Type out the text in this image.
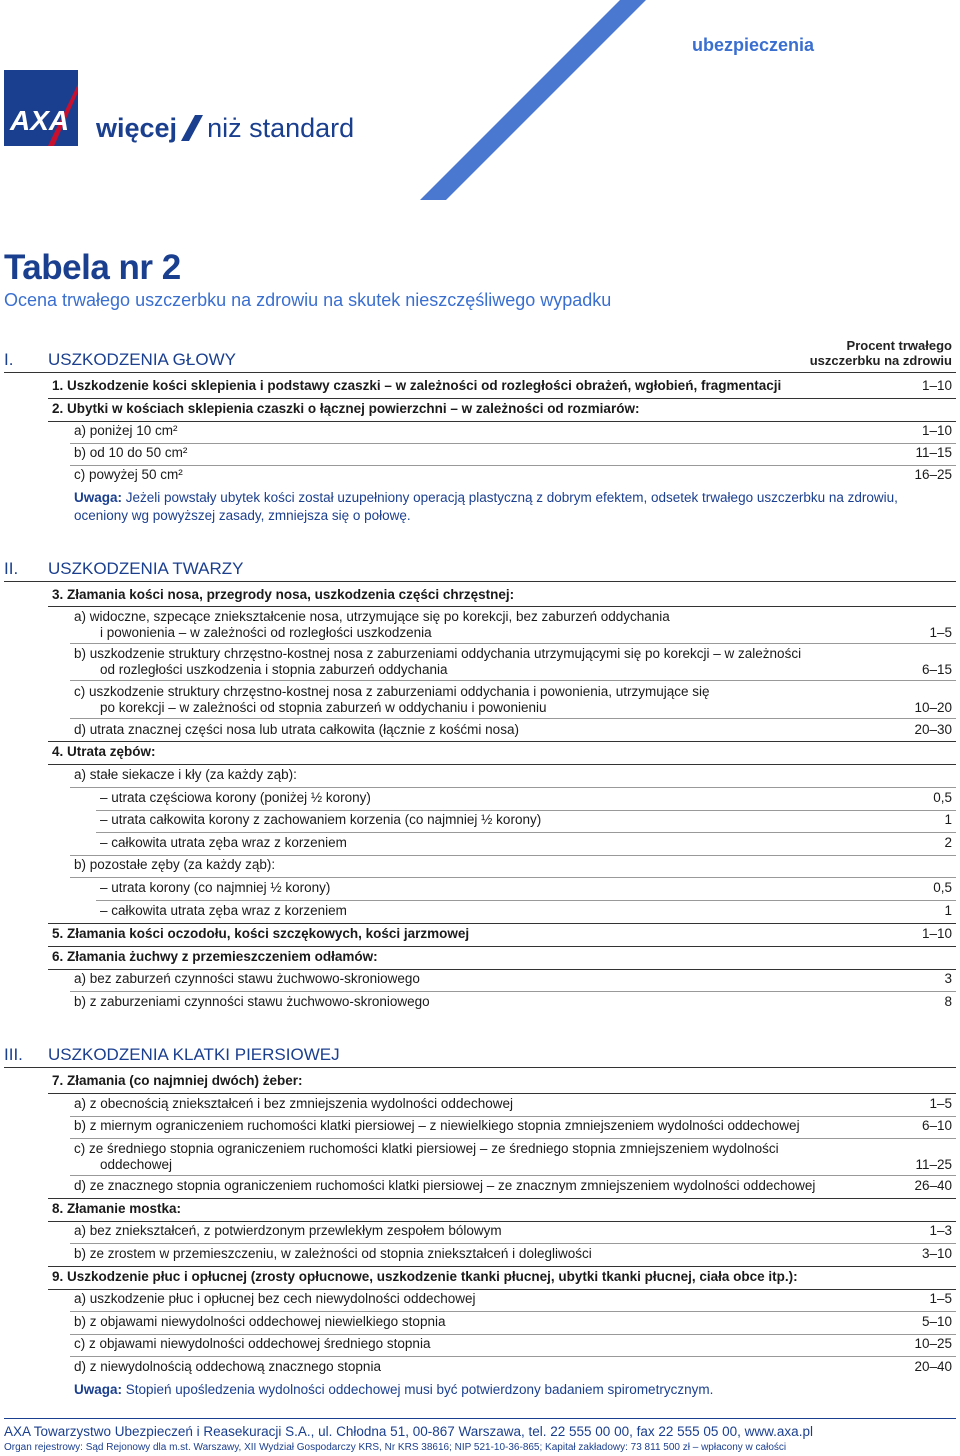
ubezpieczenia
AXA więcej niż standard
Tabela nr 2
Ocena trwałego uszczerbku na zdrowiu na skutek nieszczęśliwego wypadku
I. USZKODZENIA GŁOWY
Procent trwałego
uszczerbku na zdrowiu
1. Uszkodzenie kości sklepienia i podstawy czaszki – w zależności od rozległości obrażeń, wgłobień, fragmentacji	1–10
2. Ubytki w kościach sklepienia czaszki o łącznej powierzchni – w zależności od rozmiarów:
a) poniżej 10 cm²	1–10
b) od 10 do 50 cm²	11–15
c) powyżej 50 cm²	16–25
Uwaga: Jeżeli powstały ubytek kości został uzupełniony operacją plastyczną z dobrym efektem, odsetek trwałego uszczerbku na zdrowiu,
oceniony wg powyższej zasady, zmniejsza się o połowę.
II. USZKODZENIA TWARZY
3. Złamania kości nosa, przegrody nosa, uszkodzenia części chrzęstnej:
a) widoczne, szpecące zniekształcenie nosa, utrzymujące się po korekcji, bez zaburzeń oddychania
i powonienia – w zależności od rozległości uszkodzenia	1–5
b) uszkodzenie struktury chrzęstno-kostnej nosa z zaburzeniami oddychania utrzymującymi się po korekcji – w zależności
od rozległości uszkodzenia i stopnia zaburzeń oddychania	6–15
c) uszkodzenie struktury chrzęstno-kostnej nosa z zaburzeniami oddychania i powonienia, utrzymujące się
po korekcji – w zależności od stopnia zaburzeń w oddychaniu i powonieniu	10–20
d) utrata znacznej części nosa lub utrata całkowita (łącznie z kośćmi nosa)	20–30
4. Utrata zębów:
a) stałe siekacze i kły (za każdy ząb):
– utrata częściowa korony (poniżej ½ korony)	0,5
– utrata całkowita korony z zachowaniem korzenia (co najmniej ½ korony)	1
– całkowita utrata zęba wraz z korzeniem	2
b) pozostałe zęby (za każdy ząb):
– utrata korony (co najmniej ½ korony)	0,5
– całkowita utrata zęba wraz z korzeniem	1
5. Złamania kości oczodołu, kości szczękowych, kości jarzmowej	1–10
6. Złamania żuchwy z przemieszczeniem odłamów:
a) bez zaburzeń czynności stawu żuchwowo-skroniowego	3
b) z zaburzeniami czynności stawu żuchwowo-skroniowego	8
III. USZKODZENIA KLATKI PIERSIOWEJ
7. Złamania (co najmniej dwóch) żeber:
a) z obecnością zniekształceń i bez zmniejszenia wydolności oddechowej	1–5
b) z miernym ograniczeniem ruchomości klatki piersiowej – z niewielkiego stopnia zmniejszeniem wydolności oddechowej	6–10
c) ze średniego stopnia ograniczeniem ruchomości klatki piersiowej – ze średniego stopnia zmniejszeniem wydolności
oddechowej	11–25
d) ze znacznego stopnia ograniczeniem ruchomości klatki piersiowej – ze znacznym zmniejszeniem wydolności oddechowej	26–40
8. Złamanie mostka:
a) bez zniekształceń, z potwierdzonym przewlekłym zespołem bólowym	1–3
b) ze zrostem w przemieszczeniu, w zależności od stopnia zniekształceń i dolegliwości	3–10
9. Uszkodzenie płuc i opłucnej (zrosty opłucnowe, uszkodzenie tkanki płucnej, ubytki tkanki płucnej, ciała obce itp.):
a) uszkodzenie płuc i opłucnej bez cech niewydolności oddechowej	1–5
b) z objawami niewydolności oddechowej niewielkiego stopnia	5–10
c) z objawami niewydolności oddechowej średniego stopnia	10–25
d) z niewydolnością oddechową znacznego stopnia	20–40
Uwaga: Stopień upośledzenia wydolności oddechowej musi być potwierdzony badaniem spirometrycznym.
AXA Towarzystwo Ubezpieczeń i Reasekuracji S.A., ul. Chłodna 51, 00-867 Warszawa, tel. 22 555 00 00, fax 22 555 05 00, www.axa.pl
Organ rejestrowy: Sąd Rejonowy dla m.st. Warszawy, XII Wydział Gospodarczy KRS, Nr KRS 38616; NIP 521-10-36-865; Kapitał zakładowy: 73 811 500 zł – wpłacony w całości
